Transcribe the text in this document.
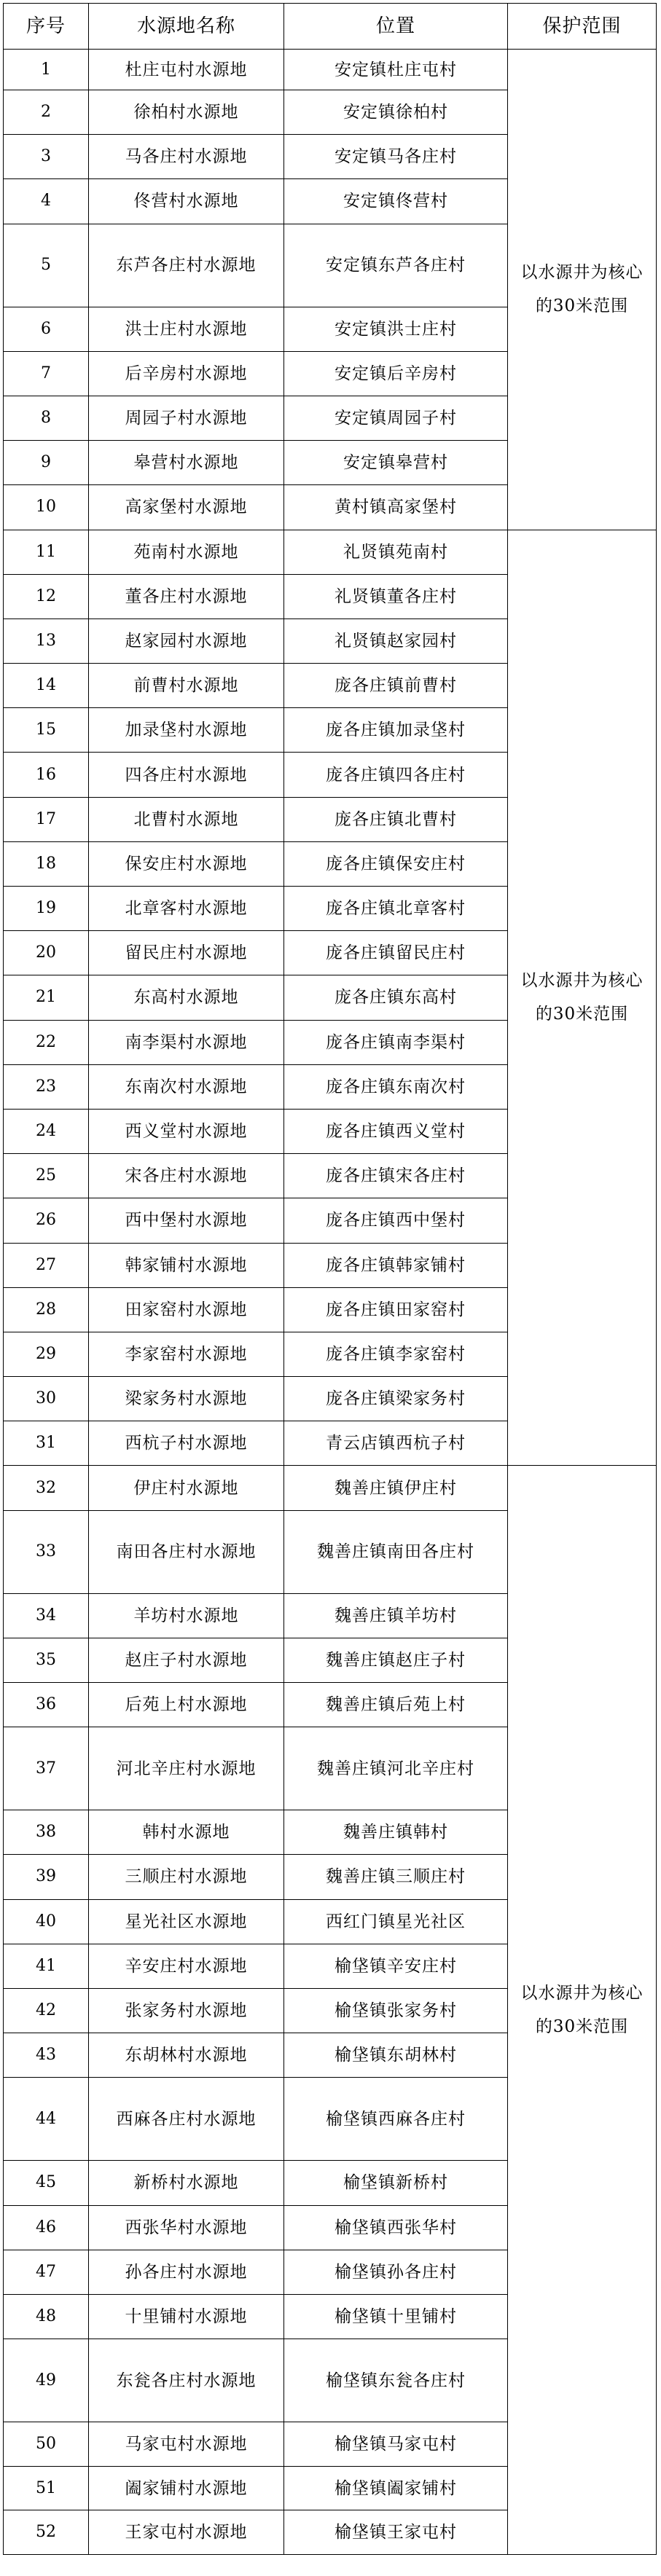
序号	水源地名称	位置	保护范围
1	杜庄屯村水源地	安定镇杜庄屯村	以水源井为核心的30米范围
2	徐柏村水源地	安定镇徐柏村	
3	马各庄村水源地	安定镇马各庄村	
4	佟营村水源地	安定镇佟营村	
5	东芦各庄村水源地	安定镇东芦各庄村	
6	洪士庄村水源地	安定镇洪士庄村	
7	后辛房村水源地	安定镇后辛房村	
8	周园子村水源地	安定镇周园子村	
9	皋营村水源地	安定镇皋营村	
10	高家堡村水源地	黄村镇高家堡村	
11	苑南村水源地	礼贤镇苑南村	以水源井为核心的30米范围
12	董各庄村水源地	礼贤镇董各庄村	
13	赵家园村水源地	礼贤镇赵家园村	
14	前曹村水源地	庞各庄镇前曹村	
15	加录垡村水源地	庞各庄镇加录垡村	
16	四各庄村水源地	庞各庄镇四各庄村	
17	北曹村水源地	庞各庄镇北曹村	
18	保安庄村水源地	庞各庄镇保安庄村	
19	北章客村水源地	庞各庄镇北章客村	
20	留民庄村水源地	庞各庄镇留民庄村	
21	东高村水源地	庞各庄镇东高村	
22	南李渠村水源地	庞各庄镇南李渠村	
23	东南次村水源地	庞各庄镇东南次村	
24	西义堂村水源地	庞各庄镇西义堂村	
25	宋各庄村水源地	庞各庄镇宋各庄村	
26	西中堡村水源地	庞各庄镇西中堡村	
27	韩家铺村水源地	庞各庄镇韩家铺村	
28	田家窑村水源地	庞各庄镇田家窑村	
29	李家窑村水源地	庞各庄镇李家窑村	
30	梁家务村水源地	庞各庄镇梁家务村	
31	西杭子村水源地	青云店镇西杭子村	
32	伊庄村水源地	魏善庄镇伊庄村	以水源井为核心的30米范围
33	南田各庄村水源地	魏善庄镇南田各庄村	
34	羊坊村水源地	魏善庄镇羊坊村	
35	赵庄子村水源地	魏善庄镇赵庄子村	
36	后苑上村水源地	魏善庄镇后苑上村	
37	河北辛庄村水源地	魏善庄镇河北辛庄村	
38	韩村水源地	魏善庄镇韩村	
39	三顺庄村水源地	魏善庄镇三顺庄村	
40	星光社区水源地	西红门镇星光社区	
41	辛安庄村水源地	榆垡镇辛安庄村	
42	张家务村水源地	榆垡镇张家务村	
43	东胡林村水源地	榆垡镇东胡林村	
44	西麻各庄村水源地	榆垡镇西麻各庄村	
45	新桥村水源地	榆垡镇新桥村	
46	西张华村水源地	榆垡镇西张华村	
47	孙各庄村水源地	榆垡镇孙各庄村	
48	十里铺村水源地	榆垡镇十里铺村	
49	东瓮各庄村水源地	榆垡镇东瓮各庄村	
50	马家屯村水源地	榆垡镇马家屯村	
51	阖家铺村水源地	榆垡镇阖家铺村	
52	王家屯村水源地	榆垡镇王家屯村	
